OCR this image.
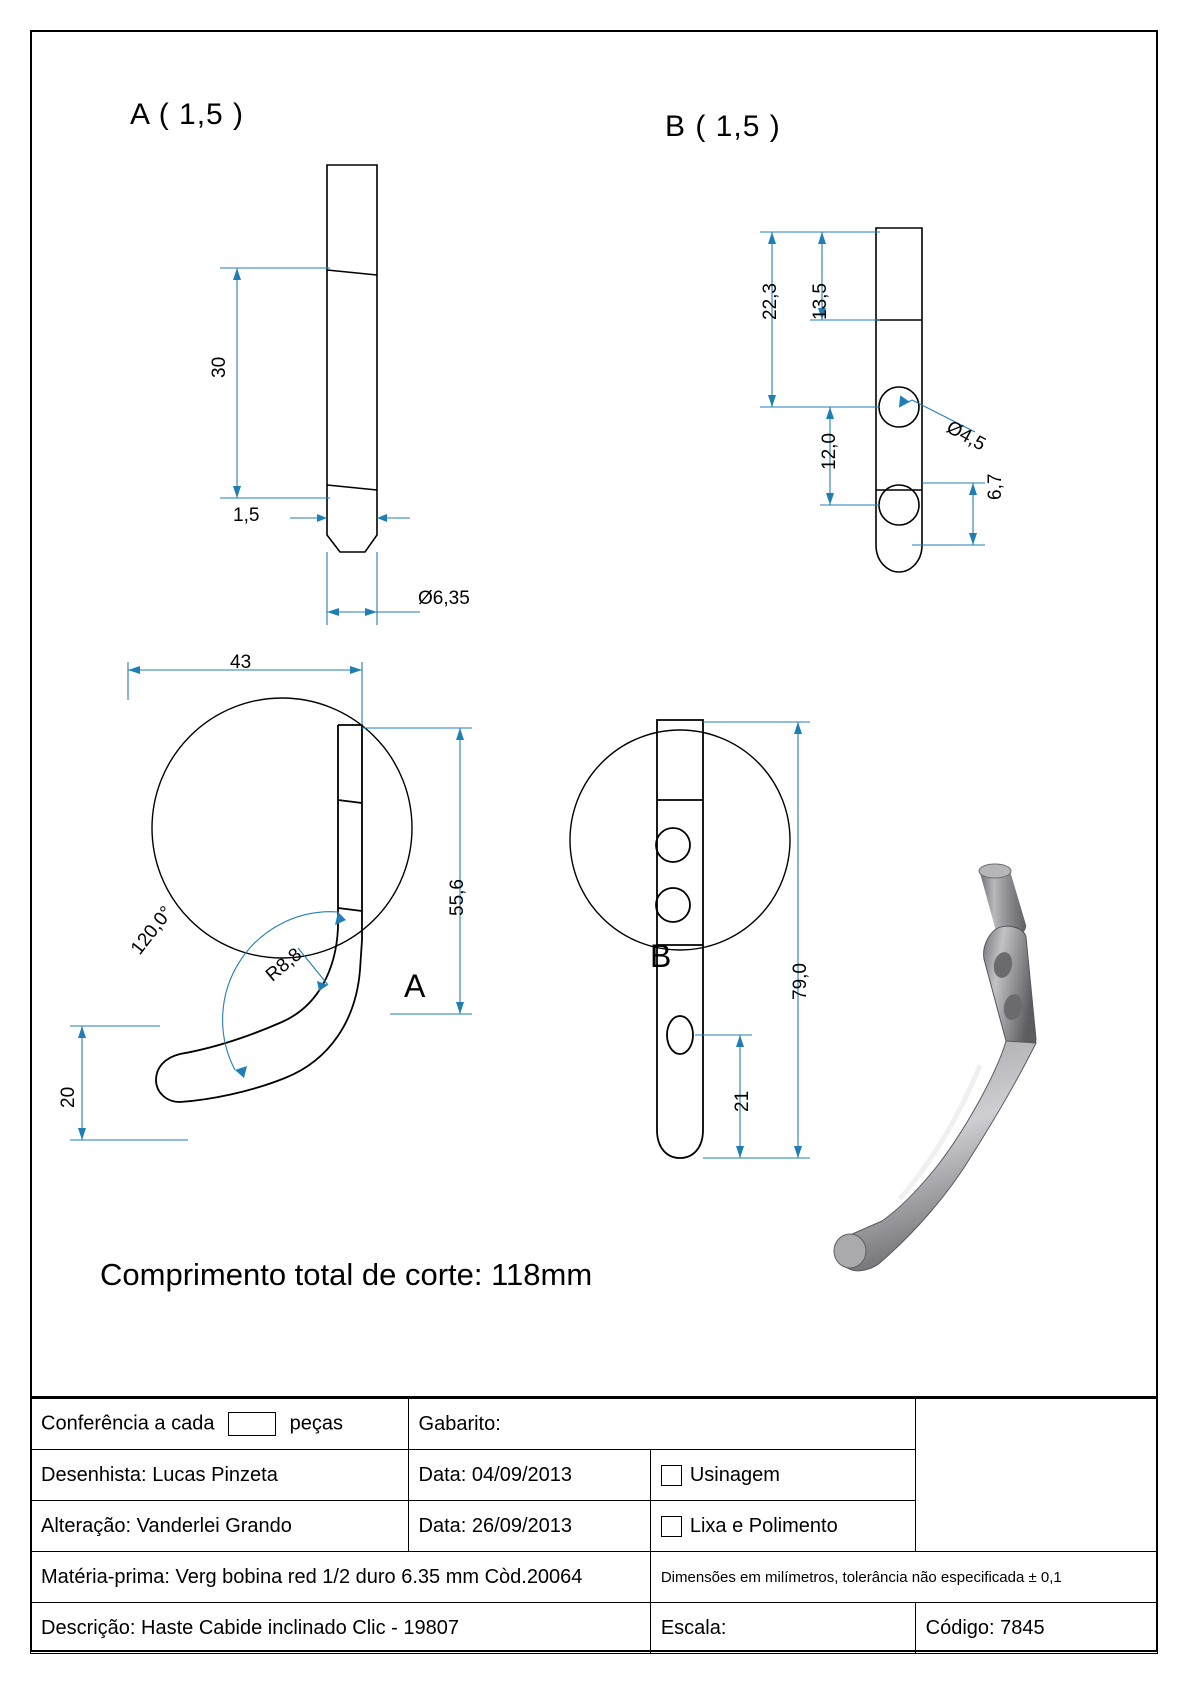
A ( 1,5 )	B ( 1,5 )
30
1,5
Ø6,35
22,3 13,5
12,0	Ø4,5
6,7
43
55,6
20
120,0°
R8,8	A
B
79,0
21
Comprimento total de corte: 118mm
Conferência a cada peças	Gabarito:		
Desenhista: Lucas Pinzeta	Data: 04/09/2013	Usinagem	
Alteração: Vanderlei Grando	Data: 26/09/2013	Lixa e Polimento	
Matéria-prima: Verg bobina red 1/2 duro 6.35 mm Còd.20064		Dimensões em milímetros, tolerância não especificada ± 0,1	
Descrição: Haste Cabide inclinado Clic - 19807		Escala:	Código: 7845
